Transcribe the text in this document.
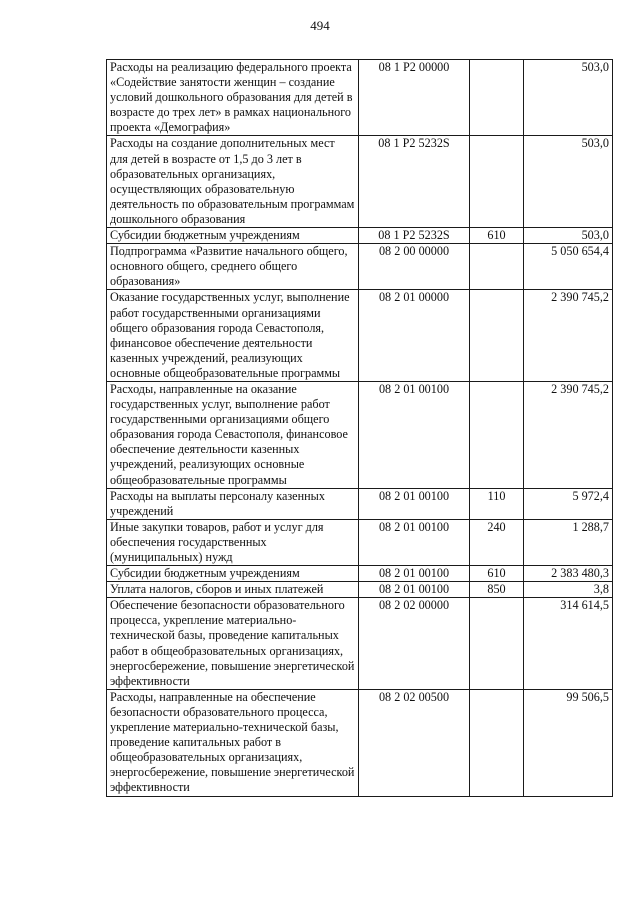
494
Расходы на реализацию федерального проекта «Содействие занятости женщин – создание условий дошкольного образования для детей в возрасте до трех лет» в рамках национального проекта «Демография»	08 1 Р2 00000		503,0
Расходы на создание дополнительных мест для детей в возрасте от 1,5 до 3 лет в образовательных организациях, осуществляющих образовательную деятельность по образовательным программам дошкольного образования	08 1 Р2 5232S		503,0
Субсидии бюджетным учреждениям	08 1 Р2 5232S	610	503,0
Подпрограмма «Развитие начального общего, основного общего, среднего общего образования»	08 2 00 00000		5 050 654,4
Оказание государственных услуг, выполнение работ государственными организациями общего образования города Севастополя, финансовое обеспечение деятельности казенных учреждений, реализующих основные общеобразовательные программы	08 2 01 00000		2 390 745,2
Расходы, направленные на оказание государственных услуг, выполнение работ государственными организациями общего образования города Севастополя, финансовое обеспечение деятельности казенных учреждений, реализующих основные общеобразовательные программы	08 2 01 00100		2 390 745,2
Расходы на выплаты персоналу казенных учреждений	08 2 01 00100	110	5 972,4
Иные закупки товаров, работ и услуг для обеспечения государственных (муниципальных) нужд	08 2 01 00100	240	1 288,7
Субсидии бюджетным учреждениям	08 2 01 00100	610	2 383 480,3
Уплата налогов, сборов и иных платежей	08 2 01 00100	850	3,8
Обеспечение безопасности образовательного процесса, укрепление материально-технической базы, проведение капитальных работ в общеобразовательных организациях, энергосбережение, повышение энергетической эффективности	08 2 02 00000		314 614,5
Расходы, направленные на обеспечение безопасности образовательного процесса, укрепление материально-технической базы, проведение капитальных работ в общеобразовательных организациях, энергосбережение, повышение энергетической эффективности	08 2 02 00500		99 506,5
